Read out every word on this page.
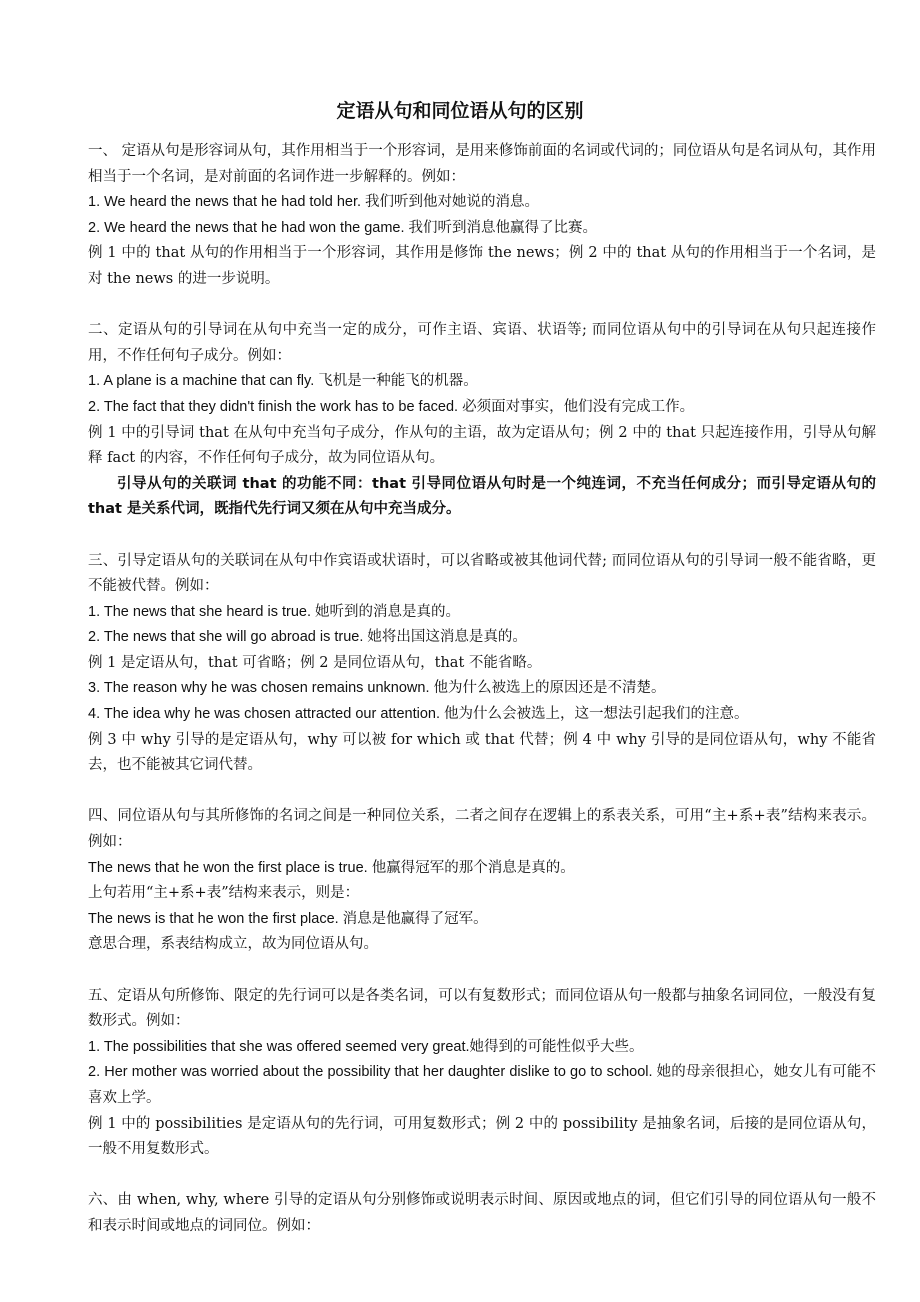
定语从句和同位语从句的区别

一、 定语从句是形容词从句，其作用相当于一个形容词，是用来修饰前面的名词或代词的；同位语从句是名词从句，其作用相当于一个名词，是对前面的名词作进一步解释的。例如：

1. We heard the news that he had told her. 我们听到他对她说的消息。

2. We heard the news that he had won the game. 我们听到消息他赢得了比赛。

例 1 中的 that 从句的作用相当于一个形容词，其作用是修饰 the news；例 2 中的 that 从句的作用相当于一个名词，是对 the news 的进一步说明。

二、定语从句的引导词在从句中充当一定的成分，可作主语、宾语、状语等; 而同位语从句中的引导词在从句只起连接作用，不作任何句子成分。例如：

1. A plane is a machine that can fly. 飞机是一种能飞的机器。

2. The fact that they didn't finish the work has to be faced. 必须面对事实，他们没有完成工作。

例 1 中的引导词 that 在从句中充当句子成分，作从句的主语，故为定语从句；例 2 中的 that 只起连接作用，引导从句解释 fact 的内容，不作任何句子成分，故为同位语从句。

引导从句的关联词 that 的功能不同：that 引导同位语从句时是一个纯连词，不充当任何成分；而引导定语从句的 that 是关系代词，既指代先行词又须在从句中充当成分。

三、引导定语从句的关联词在从句中作宾语或状语时，可以省略或被其他词代替; 而同位语从句的引导词一般不能省略，更不能被代替。例如：

1. The news that she heard is true. 她听到的消息是真的。

2. The news that she will go abroad is true. 她将出国这消息是真的。

例 1 是定语从句，that 可省略；例 2 是同位语从句，that 不能省略。

3. The reason why he was chosen remains unknown. 他为什么被选上的原因还是不清楚。

4. The idea why he was chosen attracted our attention. 他为什么会被选上，这一想法引起我们的注意。

例 3 中 why 引导的是定语从句，why 可以被 for which 或 that 代替；例 4 中 why 引导的是同位语从句，why 不能省去，也不能被其它词代替。

四、同位语从句与其所修饰的名词之间是一种同位关系，二者之间存在逻辑上的系表关系，可用“主+系+表”结构来表示。例如：

The news that he won the first place is true. 他赢得冠军的那个消息是真的。

上句若用“主+系+表”结构来表示，则是：

The news is that he won the first place. 消息是他赢得了冠军。

意思合理，系表结构成立，故为同位语从句。

五、定语从句所修饰、限定的先行词可以是各类名词，可以有复数形式；而同位语从句一般都与抽象名词同位，一般没有复数形式。例如：

1. The possibilities that she was offered seemed very great.她得到的可能性似乎大些。

2. Her mother was worried about the possibility that her daughter dislike to go to school. 她的母亲很担心，她女儿有可能不喜欢上学。

例 1 中的 possibilities 是定语从句的先行词，可用复数形式；例 2 中的 possibility 是抽象名词，后接的是同位语从句，一般不用复数形式。

六、由 when, why, where 引导的定语从句分别修饰或说明表示时间、原因或地点的词，但它们引导的同位语从句一般不和表示时间或地点的词同位。例如：
